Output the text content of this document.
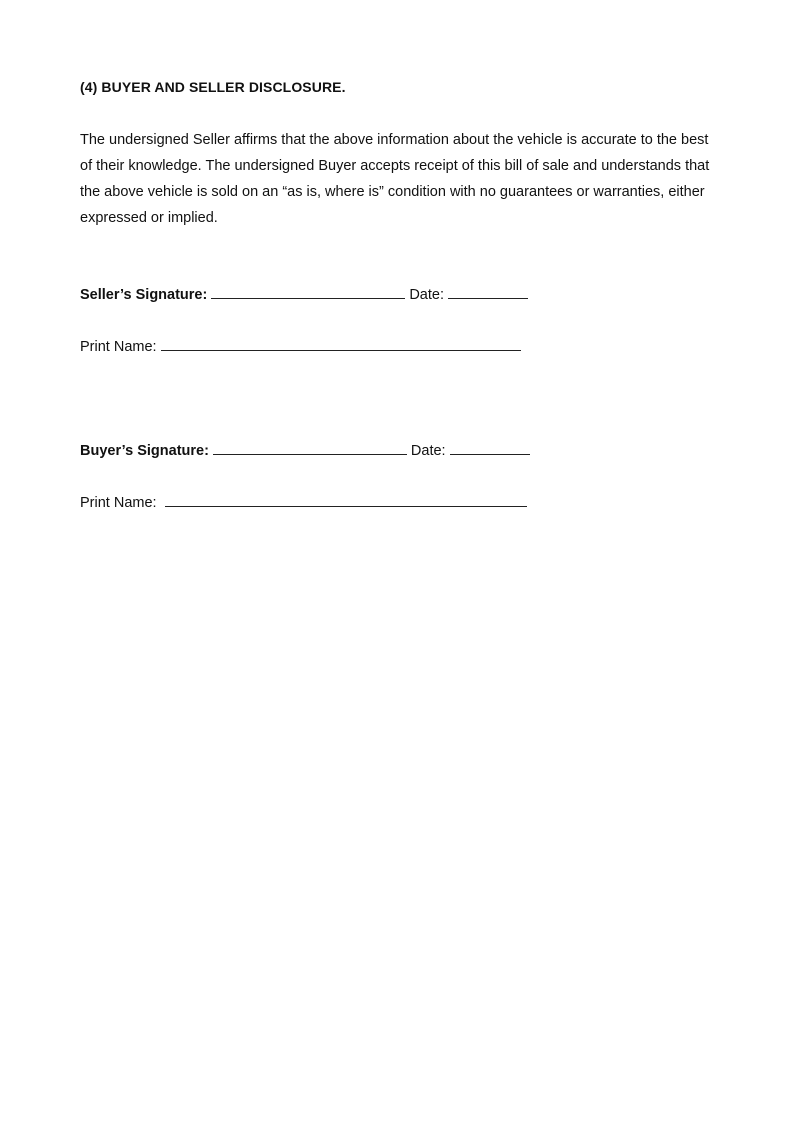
(4) BUYER AND SELLER DISCLOSURE.
The undersigned Seller affirms that the above information about the vehicle is accurate to the best
of their knowledge. The undersigned Buyer accepts receipt of this bill of sale and understands that
the above vehicle is sold on an “as is, where is” condition with no guarantees or warranties, either
expressed or implied.
Seller’s Signature:	Date:
Print Name:
Buyer’s Signature:	Date:
Print Name:
